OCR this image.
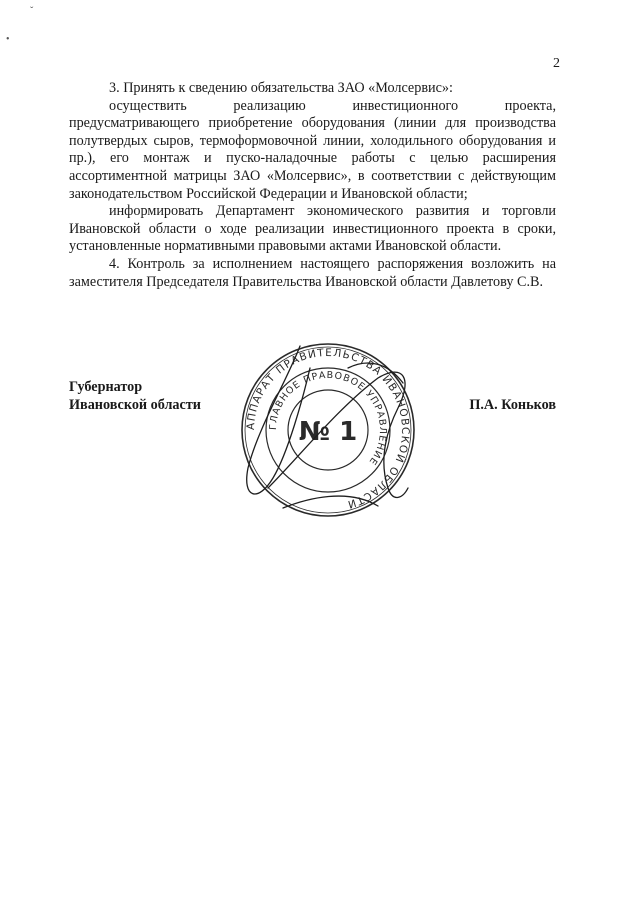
ˇ
•
2

3. Принять к сведению обязательства ЗАО «Молсервис»:

осуществить реализацию инвестиционного проекта, предусматривающего приобретение оборудования (линии для производства полутвердых сыров, термоформовочной линии, холодильного оборудования и пр.), его монтаж и пуско-наладочные работы с целью расширения ассортиментной матрицы ЗАО «Молсервис», в соответствии с действующим законодательством Российской Федерации и Ивановской области;

информировать Департамент экономического развития и торговли Ивановской области о ходе реализации инвестиционного проекта в сроки, установленные нормативными правовыми актами Ивановской области.

4. Контроль за исполнением настоящего распоряжения возложить на заместителя Председателя Правительства Ивановской области Давлетову С.В.

Губернатор
Ивановской области	П.А. Коньков
АППАРАТ ПРАВИТЕЛЬСТВА ИВАНОВСКОЙ ОБЛАСТИ
ГЛАВНОЕ ПРАВОВОЕ УПРАВЛЕНИЕ
№ 1
